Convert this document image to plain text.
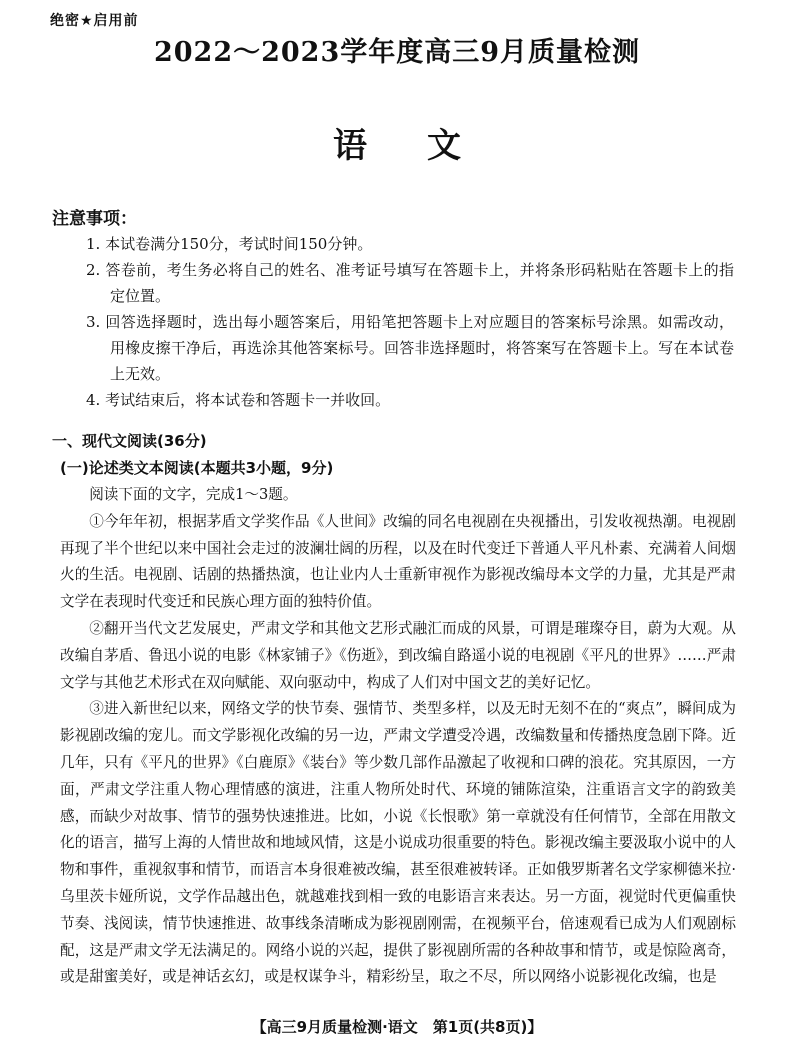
绝密★启用前
2022～2023学年度高三9月质量检测
语文
注意事项：

1. 本试卷满分150分，考试时间150分钟。

2. 答卷前，考生务必将自己的姓名、准考证号填写在答题卡上，并将条形码粘贴在答题卡上的指定位置。

3. 回答选择题时，选出每小题答案后，用铅笔把答题卡上对应题目的答案标号涂黑。如需改动，用橡皮擦干净后，再选涂其他答案标号。回答非选择题时，将答案写在答题卡上。写在本试卷上无效。

4. 考试结束后，将本试卷和答题卡一并收回。

一、现代文阅读(36分)
(一)论述类文本阅读(本题共3小题，9分)

阅读下面的文字，完成1～3题。

①今年年初，根据茅盾文学奖作品《人世间》改编的同名电视剧在央视播出，引发收视热潮。电视剧再现了半个世纪以来中国社会走过的波澜壮阔的历程，以及在时代变迁下普通人平凡朴素、充满着人间烟火的生活。电视剧、话剧的热播热演，也让业内人士重新审视作为影视改编母本文学的力量，尤其是严肃文学在表现时代变迁和民族心理方面的独特价值。

②翻开当代文艺发展史，严肃文学和其他文艺形式融汇而成的风景，可谓是璀璨夺目，蔚为大观。从改编自茅盾、鲁迅小说的电影《林家铺子》《伤逝》，到改编自路遥小说的电视剧《平凡的世界》……严肃文学与其他艺术形式在双向赋能、双向驱动中，构成了人们对中国文艺的美好记忆。

③进入新世纪以来，网络文学的快节奏、强情节、类型多样，以及无时无刻不在的“爽点”，瞬间成为影视剧改编的宠儿。而文学影视化改编的另一边，严肃文学遭受冷遇，改编数量和传播热度急剧下降。近几年，只有《平凡的世界》《白鹿原》《装台》等少数几部作品激起了收视和口碑的浪花。究其原因，一方面，严肃文学注重人物心理情感的演进，注重人物所处时代、环境的铺陈渲染，注重语言文字的韵致美感，而缺少对故事、情节的强势快速推进。比如，小说《长恨歌》第一章就没有任何情节，全部在用散文化的语言，描写上海的人情世故和地域风情，这是小说成功很重要的特色。影视改编主要汲取小说中的人物和事件，重视叙事和情节，而语言本身很难被改编，甚至很难被转译。正如俄罗斯著名文学家柳德米拉·乌里茨卡娅所说，文学作品越出色，就越难找到相一致的电影语言来表达。另一方面，视觉时代更偏重快节奏、浅阅读，情节快速推进、故事线条清晰成为影视剧刚需，在视频平台，倍速观看已成为人们观剧标配，这是严肃文学无法满足的。网络小说的兴起，提供了影视剧所需的各种故事和情节，或是惊险离奇，或是甜蜜美好，或是神话玄幻，或是权谋争斗，精彩纷呈，取之不尽，所以网络小说影视化改编，也是

【高三9月质量检测·语文　第1页(共8页)】
